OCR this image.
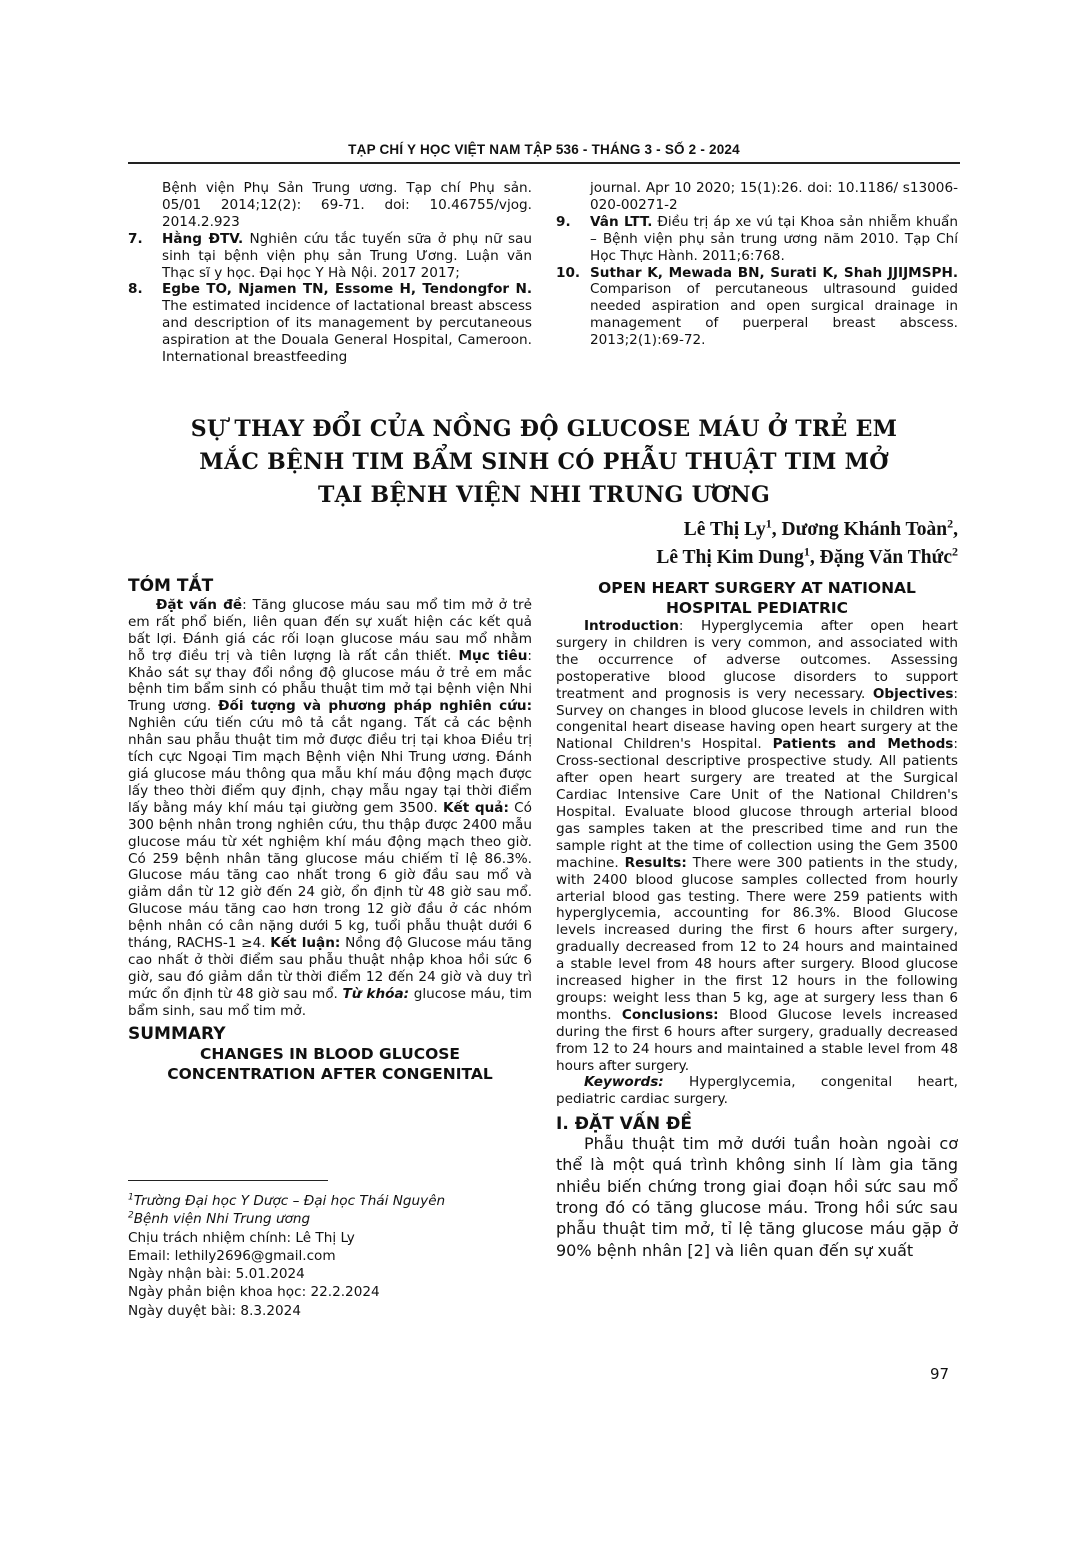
TẠP CHÍ Y HỌC VIỆT NAM TẬP 536 - THÁNG 3 - SỐ 2 - 2024
Bệnh viện Phụ Sản Trung ương. Tạp chí Phụ sản. 05/01 2014;12(2): 69-71. doi: 10.46755/vjog. 2014.2.923
7.	Hằng ĐTV. Nghiên cứu tắc tuyến sữa ở phụ nữ sau sinh tại bệnh viện phụ sản Trung Ương. Luận văn Thạc sĩ y học. Đại học Y Hà Nội. 2017 2017;
8.	Egbe TO, Njamen TN, Essome H, Tendongfor N. The estimated incidence of lactational breast abscess and description of its management by percutaneous aspiration at the Douala General Hospital, Cameroon. International breastfeeding
journal. Apr 10 2020; 15(1):26. doi: 10.1186/ s13006-020-00271-2
9.	Vân LTT. Điều trị áp xe vú tại Khoa sản nhiễm khuẩn – Bệnh viện phụ sản trung ương năm 2010. Tạp Chí Học Thực Hành. 2011;6:768.
10. Suthar K, Mewada BN, Surati K, Shah JJIJMSPH. Comparison of percutaneous ultrasound guided needed aspiration and open surgical drainage in management of puerperal breast abscess. 2013;2(1):69-72.
SỰ THAY ĐỔI CỦA NỒNG ĐỘ GLUCOSE MÁU Ở TRẺ EM
MẮC BỆNH TIM BẨM SINH CÓ PHẪU THUẬT TIM MỞ
TẠI BỆNH VIỆN NHI TRUNG ƯƠNG
Lê Thị Ly$^1$, Dương Khánh Toàn$^2$,
Lê Thị Kim Dung$^1$, Đặng Văn Thức$^2$
TÓM TẮT

Đặt vấn đề: Tăng glucose máu sau mổ tim mở ở trẻ em rất phổ biến, liên quan đến sự xuất hiện các kết quả bất lợi. Đánh giá các rối loạn glucose máu sau mổ nhằm hỗ trợ điều trị và tiên lượng là rất cần thiết. Mục tiêu: Khảo sát sự thay đổi nồng độ glucose máu ở trẻ em mắc bệnh tim bẩm sinh có phẫu thuật tim mở tại bệnh viện Nhi Trung ương. Đối tượng và phương pháp nghiên cứu: Nghiên cứu tiến cứu mô tả cắt ngang. Tất cả các bệnh nhân sau phẫu thuật tim mở được điều trị tại khoa Điều trị tích cực Ngoại Tim mạch Bệnh viện Nhi Trung ương. Đánh giá glucose máu thông qua mẫu khí máu động mạch được lấy theo thời điểm quy định, chạy mẫu ngay tại thời điểm lấy bằng máy khí máu tại giường gem 3500. Kết quả: Có 300 bệnh nhân trong nghiên cứu, thu thập được 2400 mẫu glucose máu từ xét nghiệm khí máu động mạch theo giờ. Có 259 bệnh nhân tăng glucose máu chiếm tỉ lệ 86.3%. Glucose máu tăng cao nhất trong 6 giờ đầu sau mổ và giảm dần từ 12 giờ đến 24 giờ, ổn định từ 48 giờ sau mổ. Glucose máu tăng cao hơn trong 12 giờ đầu ở các nhóm bệnh nhân có cân nặng dưới 5 kg, tuổi phẫu thuật dưới 6 tháng, RACHS-1 ≥4. Kết luận: Nồng độ Glucose máu tăng cao nhất ở thời điểm sau phẫu thuật nhập khoa hồi sức 6 giờ, sau đó giảm dần từ thời điểm 12 đến 24 giờ và duy trì mức ổn định từ 48 giờ sau mổ. Từ khóa: glucose máu, tim bẩm sinh, sau mổ tim mở.

SUMMARY
CHANGES IN BLOOD GLUCOSE
CONCENTRATION AFTER CONGENITAL
OPEN HEART SURGERY AT NATIONAL
HOSPITAL PEDIATRIC

Introduction: Hyperglycemia after open heart surgery in children is very common, and associated with the occurrence of adverse outcomes. Assessing postoperative blood glucose disorders to support treatment and prognosis is very necessary. Objectives: Survey on changes in blood glucose levels in children with congenital heart disease having open heart surgery at the National Children's Hospital. Patients and Methods: Cross-sectional descriptive prospective study. All patients after open heart surgery are treated at the Surgical Cardiac Intensive Care Unit of the National Children's Hospital. Evaluate blood glucose through arterial blood gas samples taken at the prescribed time and run the sample right at the time of collection using the Gem 3500 machine. Results: There were 300 patients in the study, with 2400 blood glucose samples collected from hourly arterial blood gas testing. There were 259 patients with hyperglycemia, accounting for 86.3%. Blood Glucose levels increased during the first 6 hours after surgery, gradually decreased from 12 to 24 hours and maintained a stable level from 48 hours after surgery. Blood glucose increased higher in the first 12 hours in the following groups: weight less than 5 kg, age at surgery less than 6 months. Conclusions: Blood Glucose levels increased during the first 6 hours after surgery, gradually decreased from 12 to 24 hours and maintained a stable level from 48 hours after surgery.

Keywords: Hyperglycemia, congenital heart, pediatric cardiac surgery.

I. ĐẶT VẤN ĐỀ

Phẫu thuật tim mở dưới tuần hoàn ngoài cơ thể là một quá trình không sinh lí làm gia tăng nhiều biến chứng trong giai đoạn hồi sức sau mổ trong đó có tăng glucose máu. Trong hồi sức sau phẫu thuật tim mở, tỉ lệ tăng glucose máu gặp ở 90% bệnh nhân [2] và liên quan đến sự xuất

$^1$Trường Đại học Y Dược – Đại học Thái Nguyên
$^2$Bệnh viện Nhi Trung ương
Chịu trách nhiệm chính: Lê Thị Ly
Email: lethily2696@gmail.com
Ngày nhận bài: 5.01.2024
Ngày phản biện khoa học: 22.2.2024
Ngày duyệt bài: 8.3.2024
97
